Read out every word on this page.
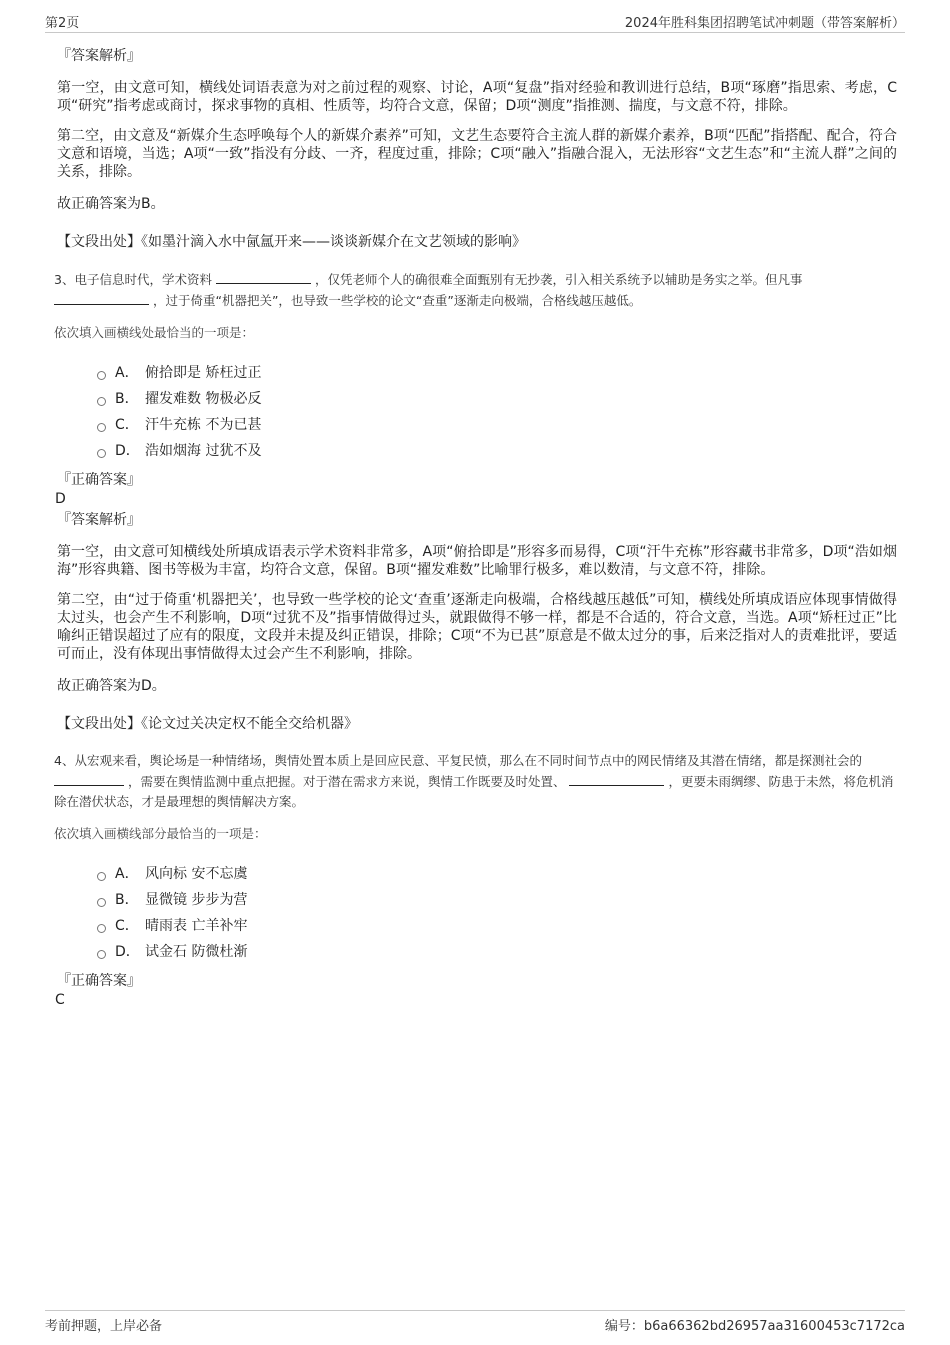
第2页	2024年胜科集团招聘笔试冲刺题（带答案解析）
『答案解析』

第一空，由文意可知，横线处词语表意为对之前过程的观察、讨论，A项“复盘”指对经验和教训进行总结，B项“琢磨”指思索、考虑，C项“研究”指考虑或商讨，探求事物的真相、性质等，均符合文意，保留；D项“测度”指推测、揣度，与文意不符，排除。

第二空，由文意及“新媒介生态呼唤每个人的新媒介素养”可知，文艺生态要符合主流人群的新媒介素养，B项“匹配”指搭配、配合，符合文意和语境，当选；A项“一致”指没有分歧、一齐，程度过重，排除；C项“融入”指融合混入，无法形容“文艺生态”和“主流人群”之间的关系，排除。

故正确答案为B。

【文段出处】《如墨汁滴入水中氤氲开来——谈谈新媒介在文艺领域的影响》
3、电子信息时代，学术资料	，仅凭老师个人的确很难全面甄别有无抄袭，引入相关系统予以辅助是务实之举。但凡事  ，过于倚重“机器把关”，也导致一些学校的论文“查重”逐渐走向极端，合格线越压越低。
依次填入画横线处最恰当的一项是：
A． 俯拾即是 矫枉过正
B． 擢发难数 物极必反
C． 汗牛充栋 不为已甚
D． 浩如烟海 过犹不及
『正确答案』
D
『答案解析』

第一空，由文意可知横线处所填成语表示学术资料非常多，A项“俯拾即是”形容多而易得，C项“汗牛充栋”形容藏书非常多，D项“浩如烟海”形容典籍、图书等极为丰富，均符合文意，保留。B项“擢发难数”比喻罪行极多，难以数清，与文意不符，排除。

第二空，由“过于倚重‘机器把关’，也导致一些学校的论文‘查重’逐渐走向极端，合格线越压越低”可知，横线处所填成语应体现事情做得太过头，也会产生不利影响，D项“过犹不及”指事情做得过头，就跟做得不够一样，都是不合适的，符合文意，当选。A项“矫枉过正”比喻纠正错误超过了应有的限度，文段并未提及纠正错误，排除；C项“不为已甚”原意是不做太过分的事，后来泛指对人的责难批评，要适可而止，没有体现出事情做得太过会产生不利影响，排除。

故正确答案为D。

【文段出处】《论文过关决定权不能全交给机器》
4、从宏观来看，舆论场是一种情绪场，舆情处置本质上是回应民意、平复民愤，那么在不同时间节点中的网民情绪及其潜在情绪，都是探测社会的  ，需要在舆情监测中重点把握。对于潜在需求方来说，舆情工作既要及时处置、	，更要未雨绸缪、防患于未然，将危机消除在潜伏状态，才是最理想的舆情解决方案。
依次填入画横线部分最恰当的一项是：
A． 风向标 安不忘虞
B． 显微镜 步步为营
C． 晴雨表 亡羊补牢
D． 试金石 防微杜渐
『正确答案』
C
考前押题，上岸必备	编号：b6a66362bd26957aa31600453c7172ca
